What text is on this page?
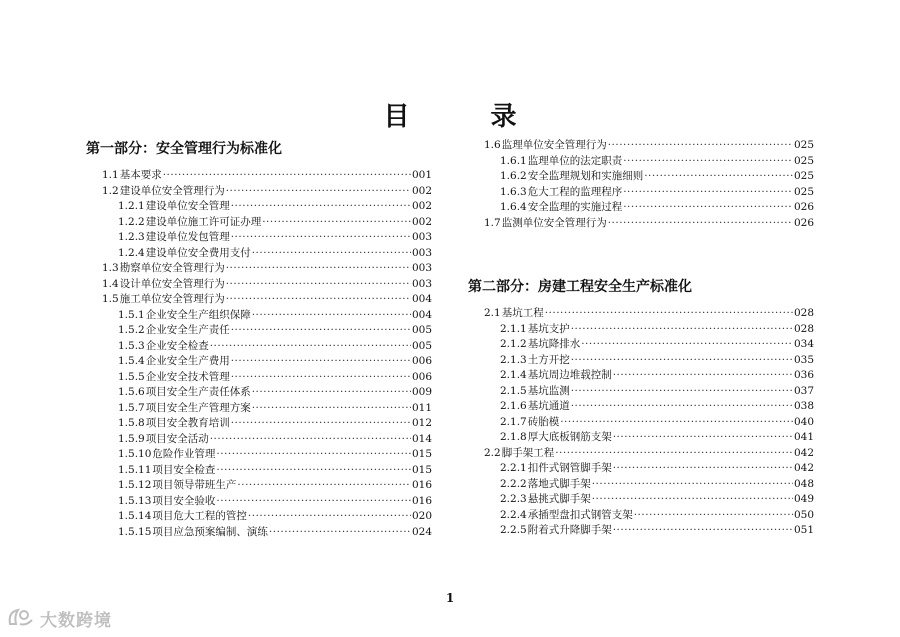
目 录
第一部分：安全管理行为标准化
1.1 基本要求 ·····	001
1.2 建设单位安全管理行为 ·····	002
1.2.1 建设单位安全管理 ·····	002
1.2.2 建设单位施工许可证办理 ·····	002
1.2.3 建设单位发包管理 ·····	003
1.2.4 建设单位安全费用支付 ·····	003
1.3 勘察单位安全管理行为 ·····	003
1.4 设计单位安全管理行为 ·····	003
1.5 施工单位安全管理行为 ·····	004
1.5.1 企业安全生产组织保障 ·····	004
1.5.2 企业安全生产责任 ·····	005
1.5.3 企业安全检查 ·····	005
1.5.4 企业安全生产费用 ·····	006
1.5.5 企业安全技术管理 ·····	006
1.5.6 项目安全生产责任体系 ·····	009
1.5.7 项目安全生产管理方案 ·····	011
1.5.8 项目安全教育培训 ·····	012
1.5.9 项目安全活动 ·····	014
1.5.10 危险作业管理 ·····	015
1.5.11 项目安全检查 ·····	015
1.5.12 项目领导带班生产 ·····	016
1.5.13 项目安全验收 ·····	016
1.5.14 项目危大工程的管控 ·····	020
1.5.15 项目应急预案编制、演练 ·····	024
1.6 监理单位安全管理行为 ·····	025
1.6.1 监理单位的法定职责 ·····	025
1.6.2 安全监理规划和实施细则 ·····	025
1.6.3 危大工程的监理程序 ·····	025
1.6.4 安全监理的实施过程 ·····	026
1.7 监测单位安全管理行为 ·····	026
第二部分：房建工程安全生产标准化
2.1 基坑工程 ·····	028
2.1.1 基坑支护 ·····	028
2.1.2 基坑降排水 ·····	034
2.1.3 土方开挖 ·····	035
2.1.4 基坑周边堆载控制 ·····	036
2.1.5 基坑监测 ·····	037
2.1.6 基坑通道 ·····	038
2.1.7 砖胎模 ·····	040
2.1.8 厚大底板钢筋支架 ·····	041
2.2 脚手架工程 ·····	042
2.2.1 扣件式钢管脚手架 ·····	042
2.2.2 落地式脚手架 ·····	048
2.2.3 悬挑式脚手架 ·····	049
2.2.4 承插型盘扣式钢管支架 ·····	050
2.2.5 附着式升降脚手架 ·····	051
1
大数跨境
